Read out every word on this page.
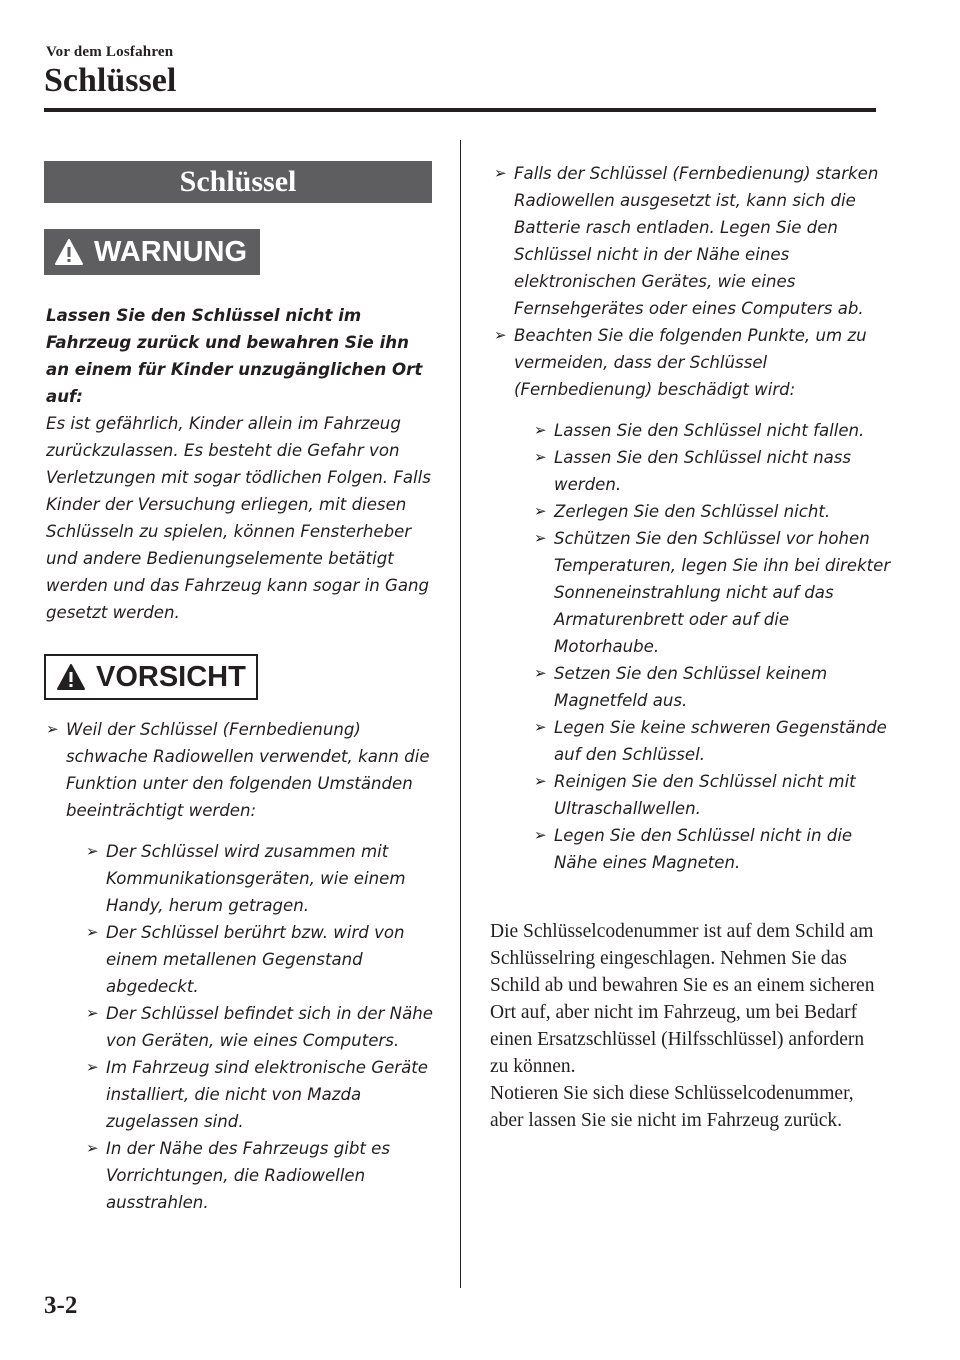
Vor dem Losfahren
Schlüssel
Schlüssel
WARNUNG
Lassen Sie den Schlüssel nicht im Fahrzeug zurück und bewahren Sie ihn an einem für Kinder unzugänglichen Ort auf:
Es ist gefährlich, Kinder allein im Fahrzeug zurückzulassen. Es besteht die Gefahr von Verletzungen mit sogar tödlichen Folgen. Falls Kinder der Versuchung erliegen, mit diesen Schlüsseln zu spielen, können Fensterheber und andere Bedienungselemente betätigt werden und das Fahrzeug kann sogar in Gang gesetzt werden.
VORSICHT
➢ Weil der Schlüssel (Fernbedienung) schwache Radiowellen verwendet, kann die Funktion unter den folgenden Umständen beeinträchtigt werden:
➢ Der Schlüssel wird zusammen mit Kommunikationsgeräten, wie einem Handy, herum getragen.
➢ Der Schlüssel berührt bzw. wird von einem metallenen Gegenstand abgedeckt.
➢ Der Schlüssel befindet sich in der Nähe von Geräten, wie eines Computers.
➢ Im Fahrzeug sind elektronische Geräte installiert, die nicht von Mazda zugelassen sind.
➢ In der Nähe des Fahrzeugs gibt es Vorrichtungen, die Radiowellen ausstrahlen.
➢ Falls der Schlüssel (Fernbedienung) starken Radiowellen ausgesetzt ist, kann sich die Batterie rasch entladen. Legen Sie den Schlüssel nicht in der Nähe eines elektronischen Gerätes, wie eines Fernsehgerätes oder eines Computers ab.
➢ Beachten Sie die folgenden Punkte, um zu vermeiden, dass der Schlüssel (Fernbedienung) beschädigt wird:
➢ Lassen Sie den Schlüssel nicht fallen.
➢ Lassen Sie den Schlüssel nicht nass werden.
➢ Zerlegen Sie den Schlüssel nicht.
➢ Schützen Sie den Schlüssel vor hohen Temperaturen, legen Sie ihn bei direkter Sonneneinstrahlung nicht auf das Armaturenbrett oder auf die Motorhaube.
➢ Setzen Sie den Schlüssel keinem Magnetfeld aus.
➢ Legen Sie keine schweren Gegenstände auf den Schlüssel.
➢ Reinigen Sie den Schlüssel nicht mit Ultraschallwellen.
➢ Legen Sie den Schlüssel nicht in die Nähe eines Magneten.
Die Schlüsselcodenummer ist auf dem Schild am Schlüsselring eingeschlagen. Nehmen Sie das Schild ab und bewahren Sie es an einem sicheren Ort auf, aber nicht im Fahrzeug, um bei Bedarf einen Ersatzschlüssel (Hilfsschlüssel) anfordern zu können.
Notieren Sie sich diese Schlüsselcodenummer, aber lassen Sie sie nicht im Fahrzeug zurück.
3-2
